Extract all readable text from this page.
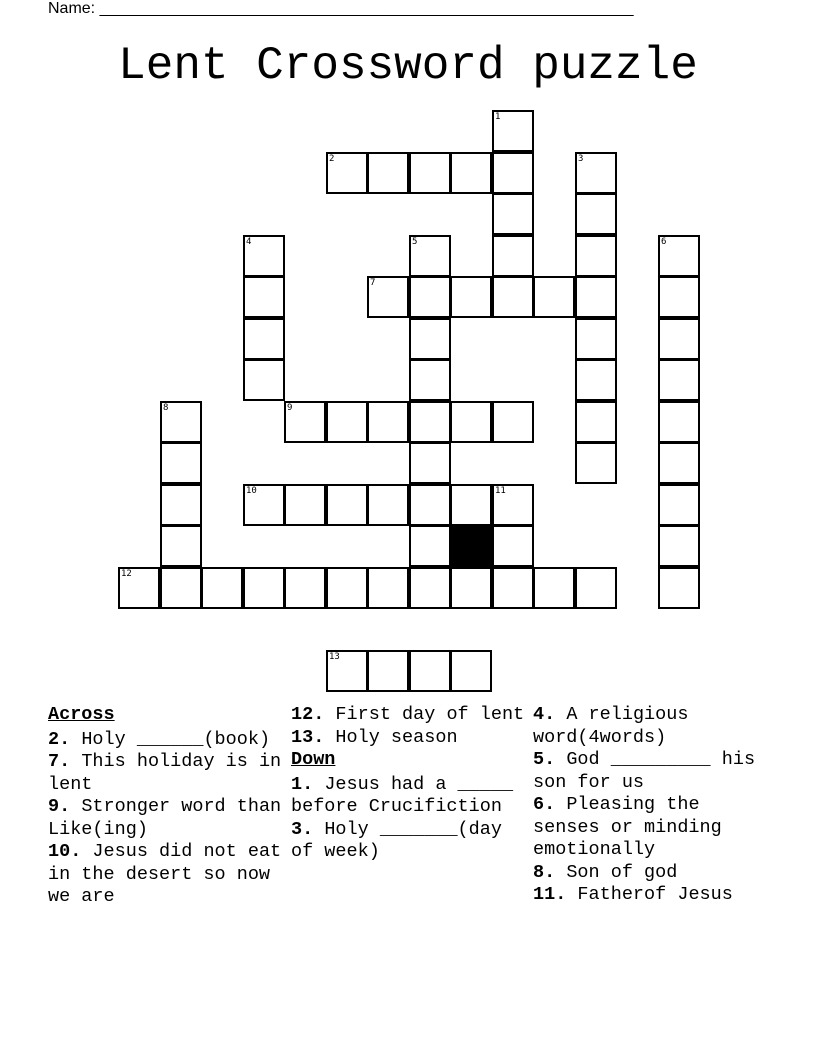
Name: ____________________________________________________________
Lent Crossword puzzle
1
2	3
4	5	6
7
8	9
10	11
12
13
Across

2. Holy ______(book)

7. This holiday is in lent

9. Stronger word than Like(ing)

10. Jesus did not eat in the desert so now we are

12. First day of lent

13. Holy season

Down

1. Jesus had a _____ before Crucifiction

3. Holy _______(day of week)

4. A religious word(4words)

5. God _________ his son for us

6. Pleasing the senses or minding emotionally

8. Son of god

11. Fatherof Jesus
